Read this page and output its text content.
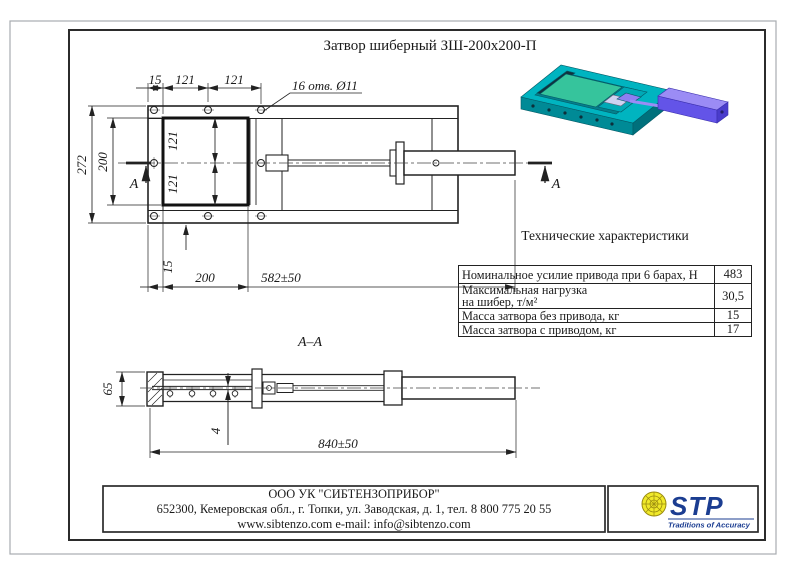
15 121 121	16 отв. Ø11
272 200
121
121
15
200	582±50
A	A
A–A
65
4
840±50
Затвор шиберный ЗШ-200х200-П
Технические характеристики
Номинальное усилие привода при 6 барах, Н	483
Максимальная нагрузка
на шибер, т/м²	30,5
Масса затвора без привода, кг	15
Масса затвора с приводом, кг	17
ООО УК "СИБТЕНЗОПРИБОР"
652300, Кемеровская обл., г. Топки, ул. Заводская, д. 1, тел. 8 800 775 20 55
www.sibtenzo.com e-mail: info@sibtenzo.com
STP
Traditions of Accuracy
